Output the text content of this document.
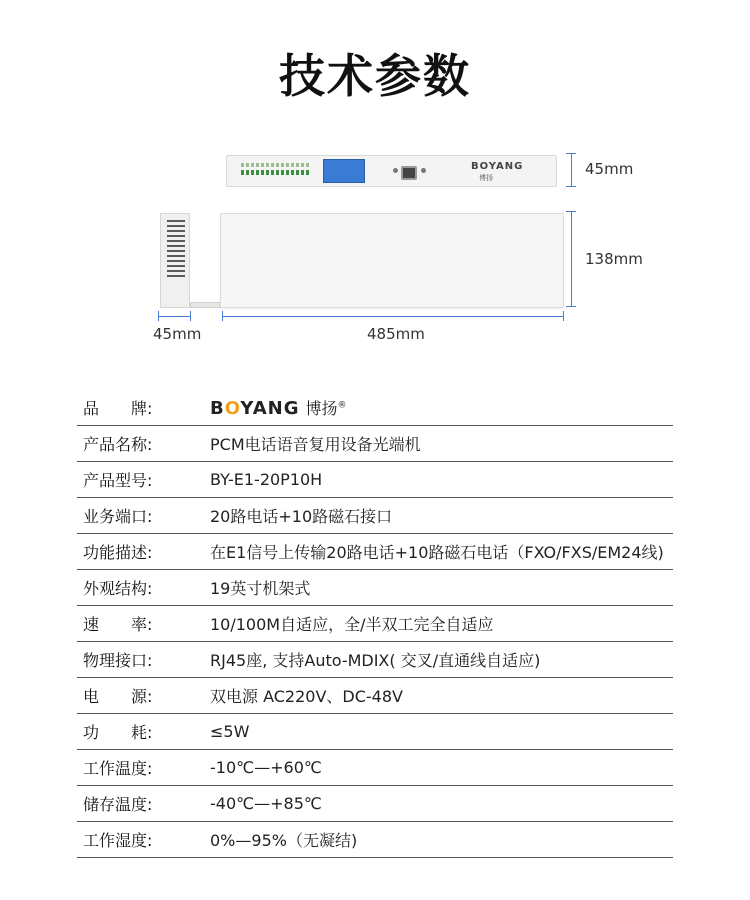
技术参数
BOYANG
博扬	45mm
138mm
45mm	485mm
品　　牌:	BOYANG 博扬®
产品名称:	PCM电话语音复用设备光端机
产品型号:	BY-E1-20P10H
业务端口:	20路电话+10路磁石接口
功能描述:	在E1信号上传输20路电话+10路磁石电话（FXO/FXS/EM24线)
外观结构:	19英寸机架式
速　　率:	10/100M自适应，全/半双工完全自适应
物理接口:	RJ45座, 支持Auto-MDIX( 交叉/直通线自适应)
电　　源:	双电源 AC220V、DC-48V
功　　耗:	≤5W
工作温度:	-10℃—+60℃
储存温度:	-40℃—+85℃
工作湿度:	0%—95%（无凝结)
